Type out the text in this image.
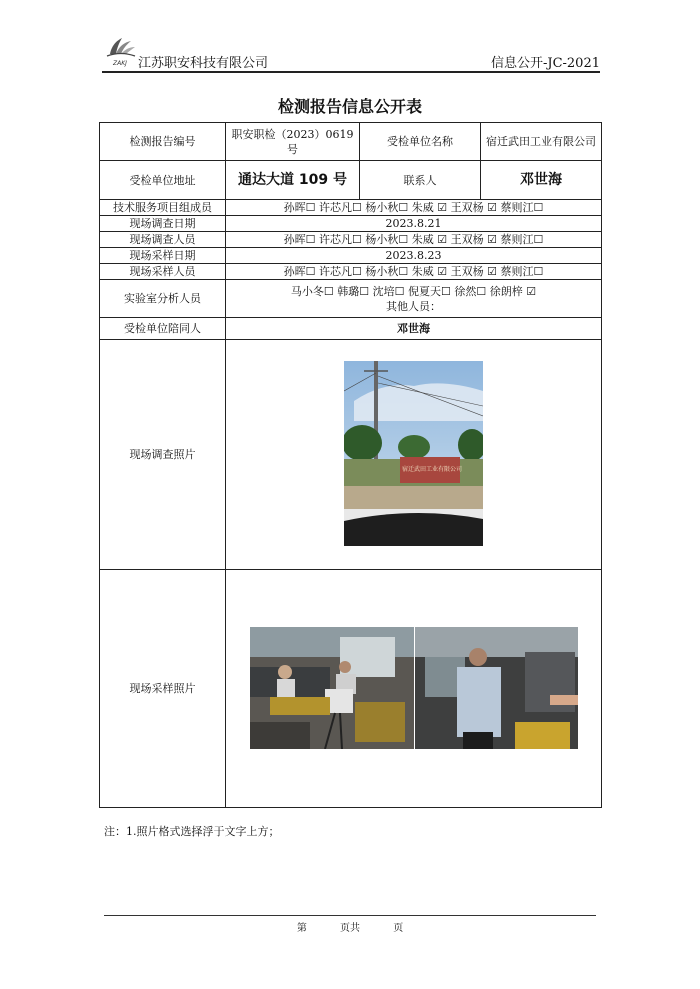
ZAKJ 江苏职安科技有限公司	信息公开-JC-2021
检测报告信息公开表
检测报告编号	职安职检（2023）0619 号	受检单位名称	宿迁武田工业有限公司
受检单位地址	通达大道 109 号	联系人	邓世海
技术服务项目组成员	孙晖☐ 许芯凡☐ 杨小秋☐ 朱威 ☑ 王双杨 ☑ 蔡则江☐		
现场调查日期	2023.8.21		
现场调查人员	孙晖☐ 许芯凡☐ 杨小秋☐ 朱威 ☑ 王双杨 ☑ 蔡则江☐		
现场采样日期	2023.8.23		
现场采样人员	孙晖☐ 许芯凡☐ 杨小秋☐ 朱威 ☑ 王双杨 ☑ 蔡则江☐		
实验室分析人员	马小冬☐ 韩璐☐ 沈培☐ 倪夏天☐ 徐然☐ 徐朗梓 ☑
其他人员：		

受检单位陪同人	邓世海		
现场调查照片	宿迁武田工业有限公司		

现场采样照片	
注：1.照片格式选择浮于文字上方；
第	页共	页
